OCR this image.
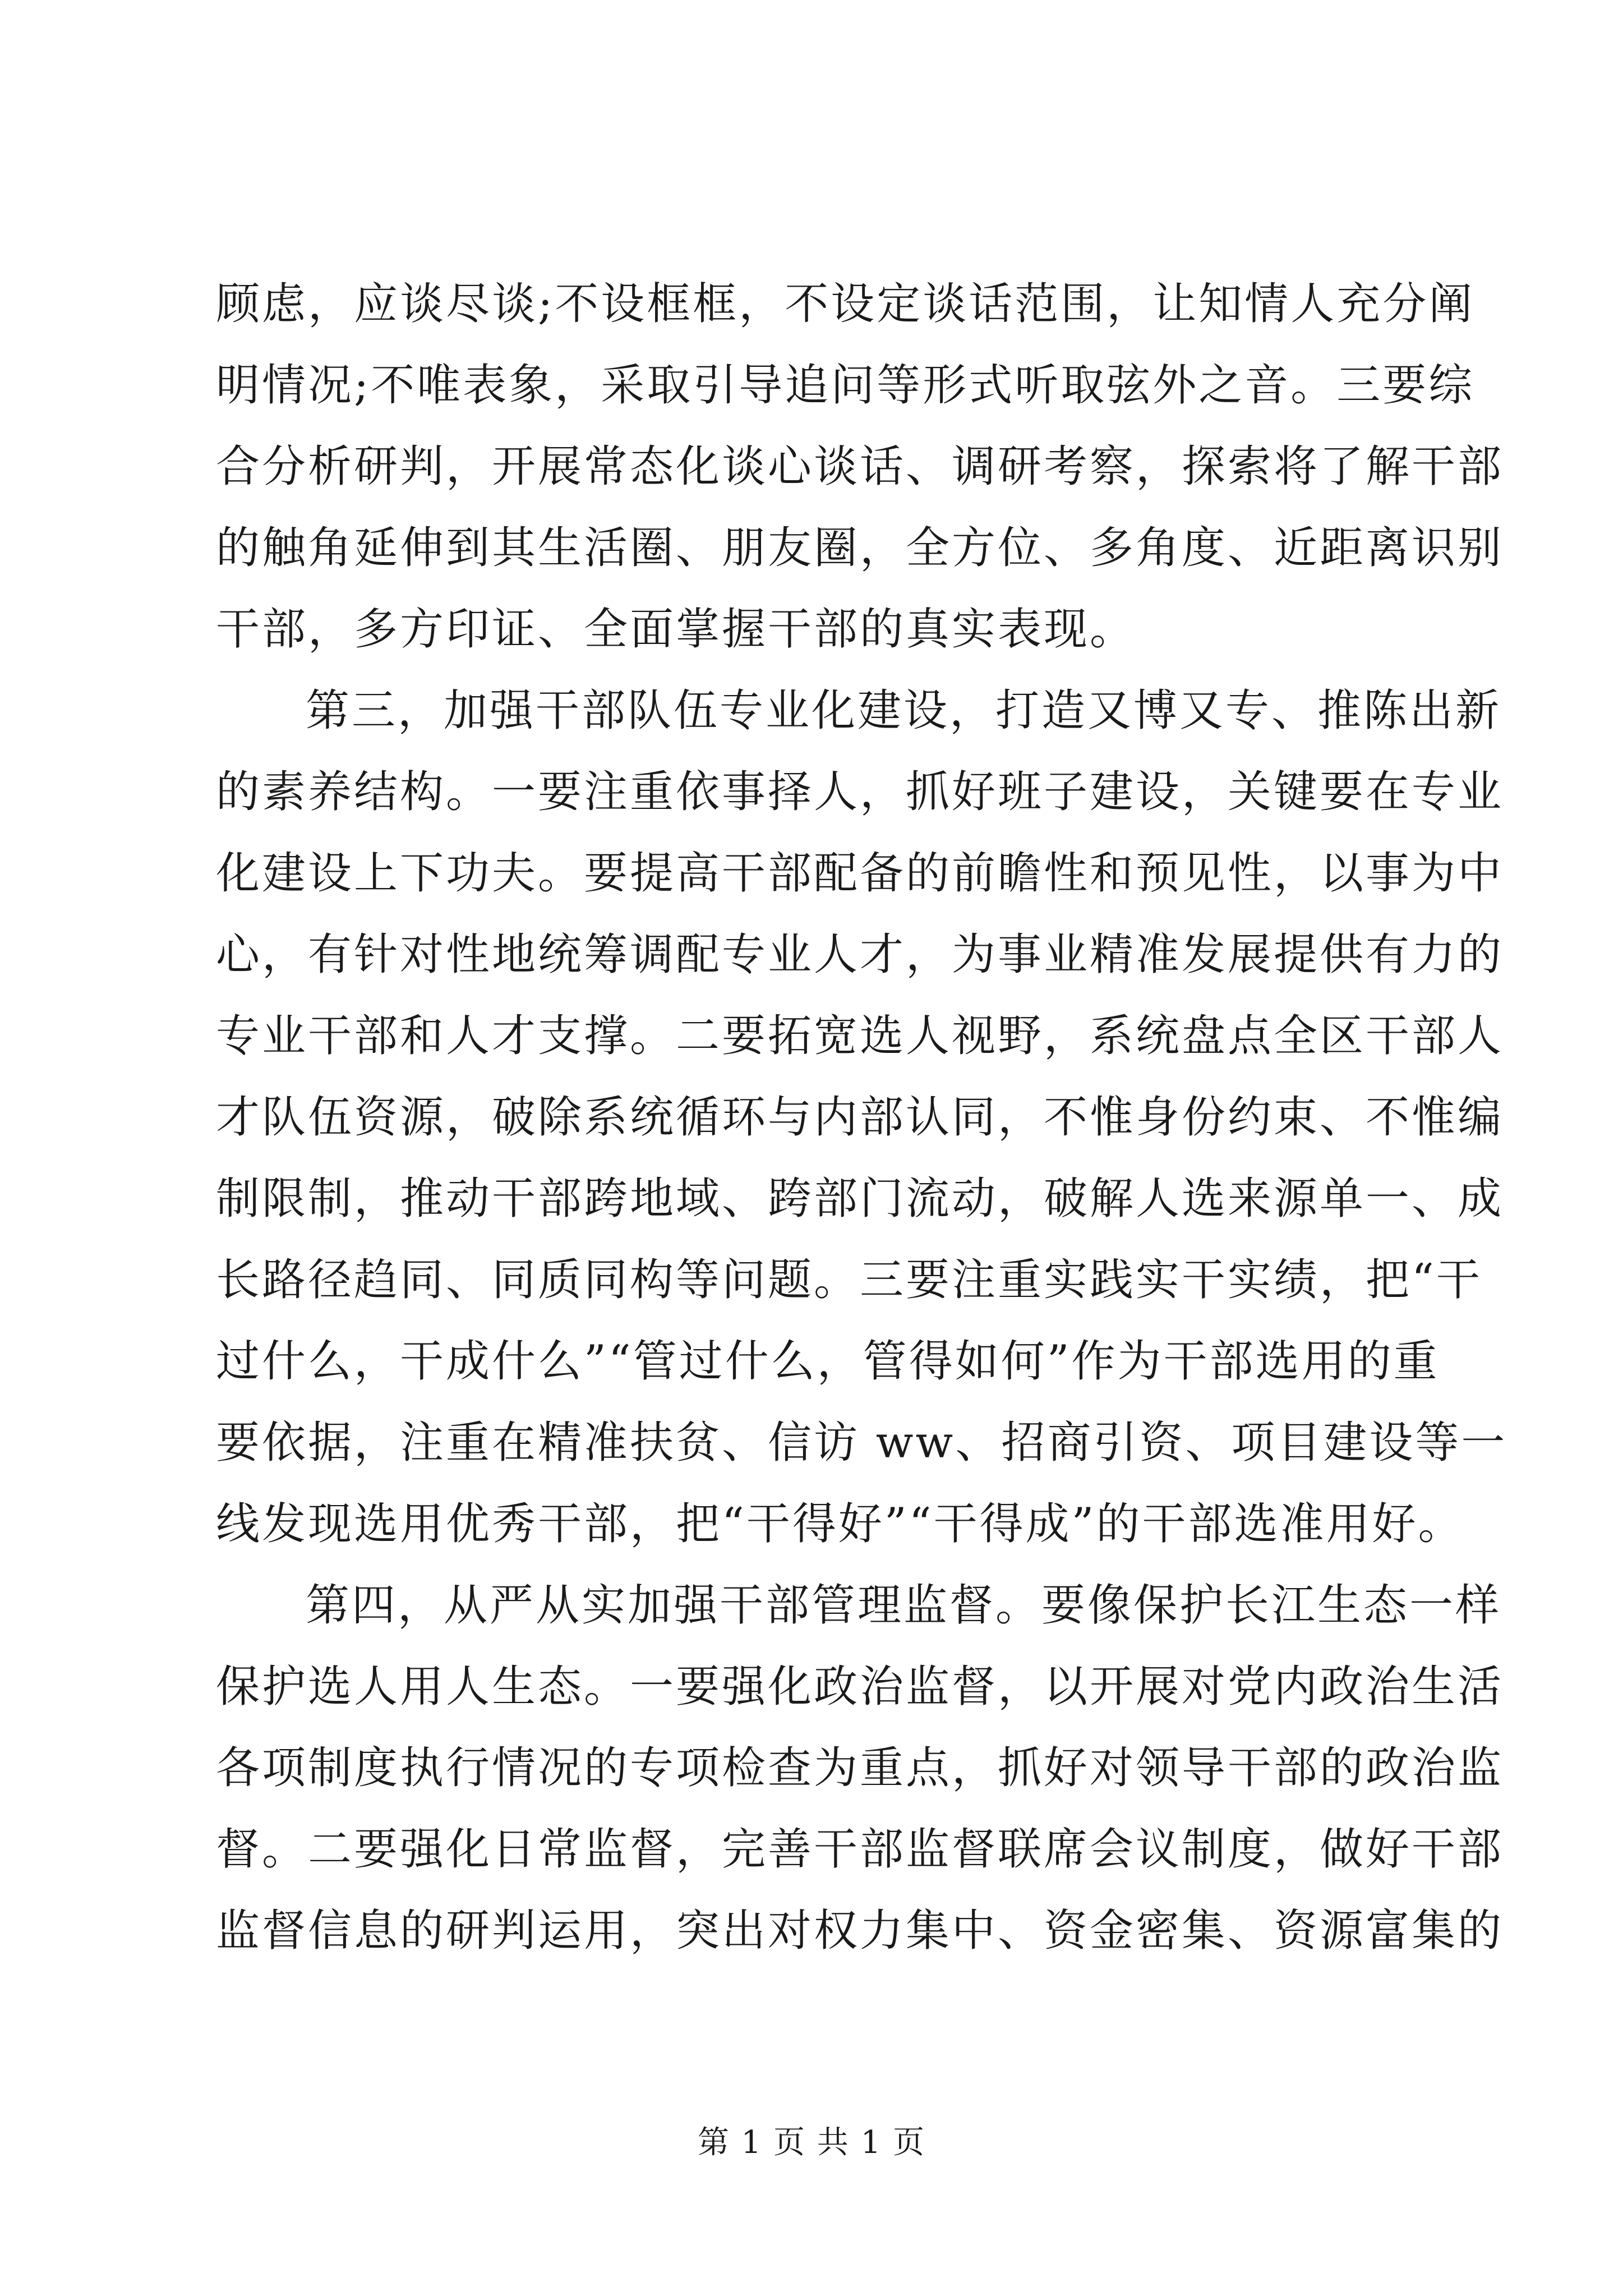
顾虑，应谈尽谈;不设框框，不设定谈话范围，让知情人充分阐
明情况;不唯表象，采取引导追问等形式听取弦外之音。三要综
合分析研判，开展常态化谈心谈话、调研考察，探索将了解干部
的触角延伸到其生活圈、朋友圈，全方位、多角度、近距离识别
干部，多方印证、全面掌握干部的真实表现。
第三，加强干部队伍专业化建设，打造又博又专、推陈出新
的素养结构。一要注重依事择人，抓好班子建设，关键要在专业
化建设上下功夫。要提高干部配备的前瞻性和预见性，以事为中
心，有针对性地统筹调配专业人才，为事业精准发展提供有力的
专业干部和人才支撑。二要拓宽选人视野，系统盘点全区干部人
才队伍资源，破除系统循环与内部认同，不惟身份约束、不惟编
制限制，推动干部跨地域、跨部门流动，破解人选来源单一、成
长路径趋同、同质同构等问题。三要注重实践实干实绩，把“干
过什么，干成什么”“管过什么，管得如何”作为干部选用的重
要依据，注重在精准扶贫、信访 ww、招商引资、项目建设等一
线发现选用优秀干部，把“干得好”“干得成”的干部选准用好。
第四，从严从实加强干部管理监督。要像保护长江生态一样
保护选人用人生态。一要强化政治监督，以开展对党内政治生活
各项制度执行情况的专项检查为重点，抓好对领导干部的政治监
督。二要强化日常监督，完善干部监督联席会议制度，做好干部
监督信息的研判运用，突出对权力集中、资金密集、资源富集的
第 1 页 共 1 页
